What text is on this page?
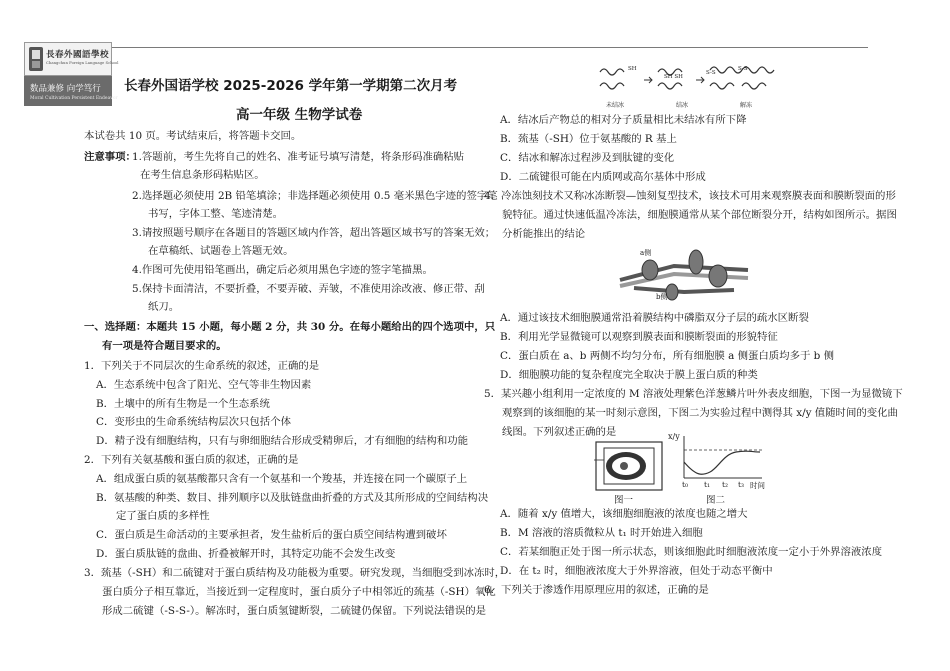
長春外國語學校
Changchun Foreign Language School
数品兼修 向学笃行
Moral Cultivation Persistent Endeavor
长春外国语学校 2025-2026 学年第一学期第二次月考
高一年级 生物学试卷
本试卷共 10 页。考试结束后，将答题卡交回。
注意事项：
1.答题前，考生先将自己的姓名、准考证号填写清楚，将条形码准确粘贴
在考生信息条形码粘贴区。
2.选择题必须使用 2B 铅笔填涂；非选择题必须使用 0.5 毫米黑色字迹的签字笔
书写，字体工整、笔迹清楚。
3.请按照题号顺序在各题目的答题区域内作答，超出答题区域书写的答案无效；
在草稿纸、试题卷上答题无效。
4.作图可先使用铅笔画出，确定后必须用黑色字迹的签字笔描黑。
5.保持卡面清洁，不要折叠，不要弄破、弄皱，不准使用涂改液、修正带、刮
纸刀。
一、选择题：本题共 15 小题，每小题 2 分，共 30 分。在每小题给出的四个选项中，只
有一项是符合题目要求的。
1．下列关于不同层次的生命系统的叙述，正确的是
A．生态系统中包含了阳光、空气等非生物因素
B．土壤中的所有生物是一个生态系统
C．变形虫的生命系统结构层次只包括个体
D．精子没有细胞结构，只有与卵细胞结合形成受精卵后，才有细胞的结构和功能
2．下列有关氨基酸和蛋白质的叙述，正确的是
A．组成蛋白质的氨基酸都只含有一个氨基和一个羧基，并连接在同一个碳原子上
B．氨基酸的种类、数目、排列顺序以及肽链盘曲折叠的方式及其所形成的空间结构决
定了蛋白质的多样性
C．蛋白质是生命活动的主要承担者，发生盐析后的蛋白质空间结构遭到破坏
D．蛋白质肽链的盘曲、折叠被解开时，其特定功能不会发生改变
3．巯基（-SH）和二硫键对于蛋白质结构及功能极为重要。研究发现，当细胞受到冰冻时，
蛋白质分子相互靠近，当接近到一定程度时，蛋白质分子中相邻近的巯基（-SH）氧化
形成二硫键（-S-S-）。解冻时，蛋白质氢键断裂，二硫键仍保留。下列说法错误的是
SH
SH SH
S-S
S-S
未结冰	结冰	解冻
A．结冰后产物总的相对分子质量相比未结冰有所下降
B．巯基（-SH）位于氨基酸的 R 基上
C．结冰和解冻过程涉及到肽键的变化
D．二硫键很可能在内质网或高尔基体中形成
4．冷冻蚀刻技术又称冰冻断裂—蚀刻复型技术，该技术可用来观察膜表面和膜断裂面的形
貌特征。通过快速低温冷冻法，细胞膜通常从某个部位断裂分开，结构如图所示。据图
分析能推出的结论
a侧
b侧
A．通过该技术细胞膜通常沿着膜结构中磷脂双分子层的疏水区断裂
B．利用光学显微镜可以观察到膜表面和膜断裂面的形貌特征
C．蛋白质在 a、b 两侧不均匀分布，所有细胞膜 a 侧蛋白质均多于 b 侧
D．细胞膜功能的复杂程度完全取决于膜上蛋白质的种类
5．某兴趣小组利用一定浓度的 M 溶液处理紫色洋葱鳞片叶外表皮细胞，下图一为显微镜下
观察到的该细胞的某一时刻示意图，下图二为实验过程中测得其 x/y 值随时间的变化曲
线图。下列叙述正确的是
图一
x/y
t₀ t₁ t₂ t₃ 时间
图二
A．随着 x/y 值增大，该细胞细胞液的浓度也随之增大
B．M 溶液的溶质微粒从 t₁ 时开始进入细胞
C．若某细胞正处于图一所示状态，则该细胞此时细胞液浓度一定小于外界溶液浓度
D．在 t₂ 时，细胞液浓度大于外界溶液，但处于动态平衡中
6．下列关于渗透作用原理应用的叙述，正确的是
